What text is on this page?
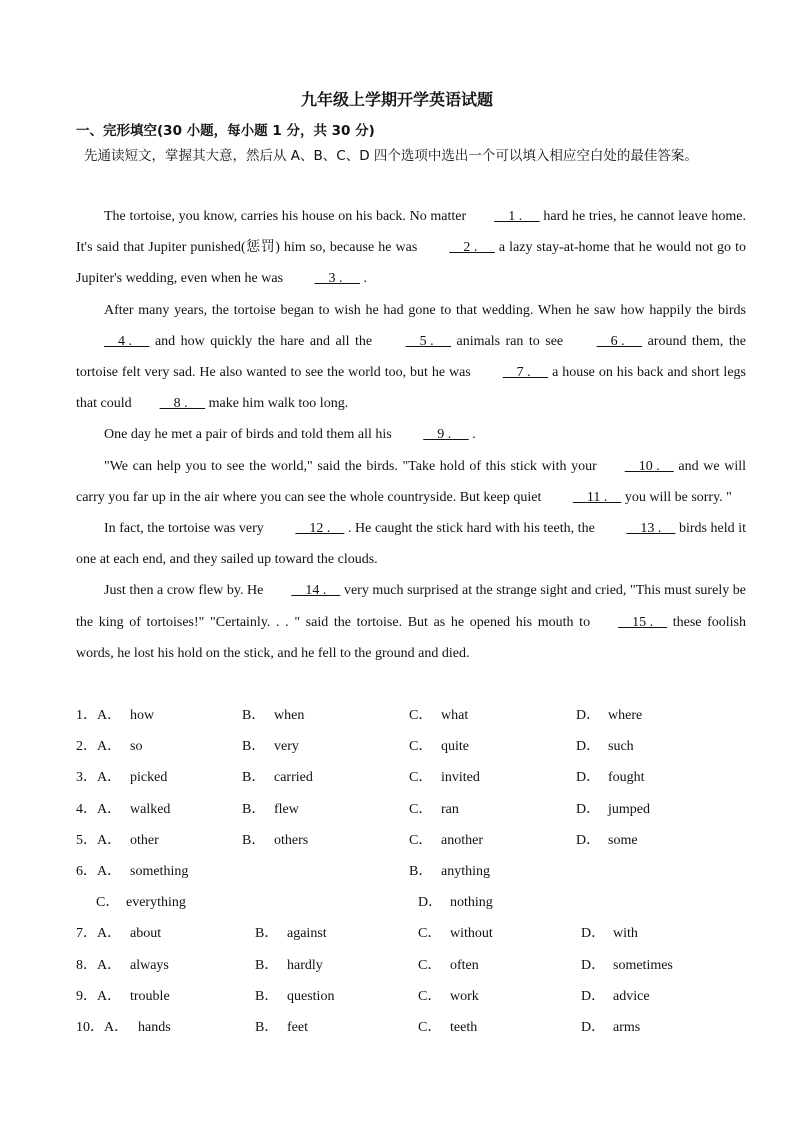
九年级上学期开学英语试题
一、完形填空(30 小题，每小题 1 分，共 30 分)
先通读短文，掌握其大意，然后从 A、B、C、D 四个选项中选出一个可以填入相应空白处的最佳答案。

The tortoise, you know, carries his house on his back. No matter    1 .      hard he tries, he cannot leave home. It's said that Jupiter punished(惩罚) him so, because he was     2 .      a lazy stay-at-home that he would not go to Jupiter's wedding, even when he was     3 .      .

After many years, the tortoise began to wish he had gone to that wedding. When he saw how happily the birds     4 .      and how quickly the hare and all the     5 .      animals ran to see     6 .      around them, the tortoise felt very sad. He also wanted to see the world too, but he was     7 .      a house on his back and short legs that could    8 .      make him walk too long.

One day he met a pair of birds and told them all his     9 .      .

"We can help you to see the world," said the birds. "Take hold of this stick with your    10 .     and we will carry you far up in the air where you can see the whole countryside. But keep quiet     11 .     you will be sorry. "

In fact, the tortoise was very     12 .     . He caught the stick hard with his teeth, the     13 .     birds held it one at each end, and they sailed up toward the clouds.

Just then a crow flew by. He    14 .     very much surprised at the strange sight and cried, "This must surely be the king of tortoises!" "Certainly. . . " said the tortoise. But as he opened his mouth to    15 .     these foolish words, he lost his hold on the stick, and he fell to the ground and died.

1．A． how	B． when	C． what	D． where
2．A． so	B． very	C． quite	D． such
3．A． picked	B． carried	C． invited	D． fought
4．A． walked	B． flew	C． ran	D． jumped
5．A． other	B． others	C． another	D． some
6．A． something	B． anything
C． everything	D． nothing
7．A． about	B． against	C． without	D． with
8．A． always	B． hardly	C． often	D． sometimes
9．A． trouble	B． question	C． work	D． advice
10．A． hands	B． feet	C． teeth	D． arms
